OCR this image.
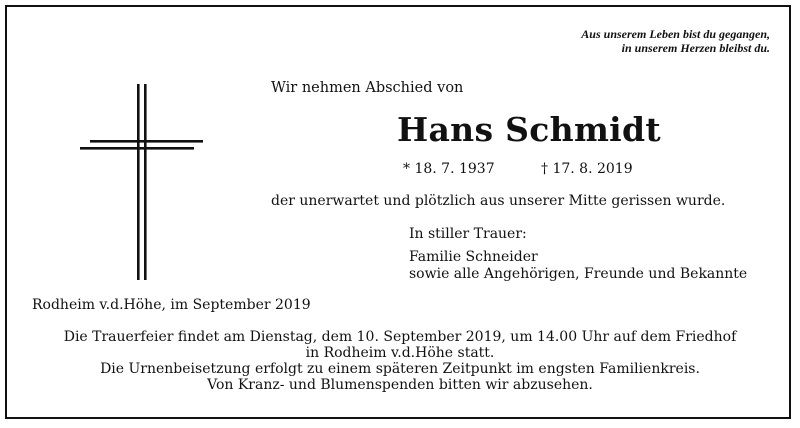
Aus unserem Leben bist du gegangen,
in unserem Herzen bleibst du.
Wir nehmen Abschied von
Hans Schmidt
* 18. 7. 1937	† 17. 8. 2019
der unerwartet und plötzlich aus unserer Mitte gerissen wurde.
In stiller Trauer:
Familie Schneider
sowie alle Angehörigen, Freunde und Bekannte
Rodheim v.d.Höhe, im September 2019
Die Trauerfeier findet am Dienstag, dem 10. September 2019, um 14.00 Uhr auf dem Friedhof
in Rodheim v.d.Höhe statt.
Die Urnenbeisetzung erfolgt zu einem späteren Zeitpunkt im engsten Familienkreis.
Von Kranz- und Blumenspenden bitten wir abzusehen.
